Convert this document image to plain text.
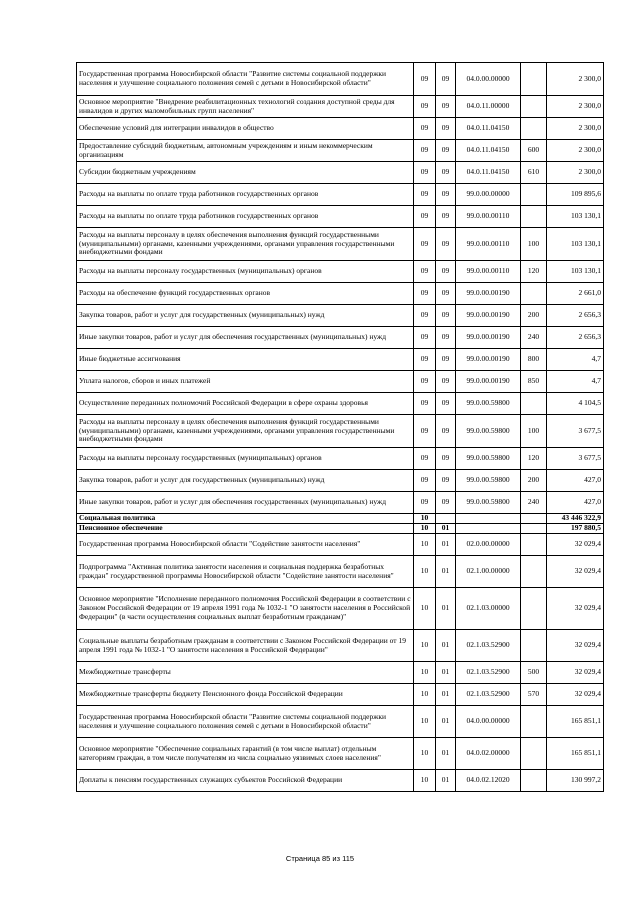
Государственная программа Новосибирской области "Развитие системы социальной поддержки населения и улучшение социального положения семей с детьми в Новосибирской области"	09	09	04.0.00.00000		2 300,0
Основное мероприятие "Внедрение реабилитационных технологий создания доступной среды для инвалидов и других маломобильных групп населения"	09	09	04.0.11.00000		2 300,0
Обеспечение условий для интеграции инвалидов в общество	09	09	04.0.11.04150		2 300,0
Предоставление субсидий бюджетным, автономным учреждениям и иным некоммерческим организациям	09	09	04.0.11.04150	600	2 300,0
Субсидии бюджетным учреждениям	09	09	04.0.11.04150	610	2 300,0
Расходы на выплаты по оплате труда работников государственных органов	09	09	99.0.00.00000		109 895,6
Расходы на выплаты по оплате труда работников государственных органов	09	09	99.0.00.00110		103 130,1
Расходы на выплаты персоналу в целях обеспечения выполнения функций государственными (муниципальными) органами, казенными учреждениями, органами управления государственными внебюджетными фондами	09	09	99.0.00.00110	100	103 130,1
Расходы на выплаты персоналу государственных (муниципальных) органов	09	09	99.0.00.00110	120	103 130,1
Расходы на обеспечение функций государственных органов	09	09	99.0.00.00190		2 661,0
Закупка товаров, работ и услуг для государственных (муниципальных) нужд	09	09	99.0.00.00190	200	2 656,3
Иные закупки товаров, работ и услуг для обеспечения государственных (муниципальных) нужд	09	09	99.0.00.00190	240	2 656,3
Иные бюджетные ассигнования	09	09	99.0.00.00190	800	4,7
Уплата налогов, сборов и иных платежей	09	09	99.0.00.00190	850	4,7
Осуществление переданных полномочий Российской Федерации в сфере охраны здоровья	09	09	99.0.00.59800		4 104,5
Расходы на выплаты персоналу в целях обеспечения выполнения функций государственными (муниципальными) органами, казенными учреждениями, органами управления государственными внебюджетными фондами	09	09	99.0.00.59800	100	3 677,5
Расходы на выплаты персоналу государственных (муниципальных) органов	09	09	99.0.00.59800	120	3 677,5
Закупка товаров, работ и услуг для государственных (муниципальных) нужд	09	09	99.0.00.59800	200	427,0
Иные закупки товаров, работ и услуг для обеспечения государственных (муниципальных) нужд	09	09	99.0.00.59800	240	427,0
Социальная политика	10				43 446 322,9
Пенсионное обеспечение	10	01			197 880,5
Государственная программа Новосибирской области "Содействие занятости населения"	10	01	02.0.00.00000		32 029,4
Подпрограмма "Активная политика занятости населения и социальная поддержка безработных граждан" государственной программы Новосибирской области "Содействие занятости населения"	10	01	02.1.00.00000		32 029,4
Основное мероприятие "Исполнение переданного полномочия Российской Федерации в соответствии с Законом Российской Федерации от 19 апреля 1991 года № 1032-1 "О занятости населения в Российской Федерации" (в части осуществления социальных выплат безработным гражданам)"	10	01	02.1.03.00000		32 029,4
Социальные выплаты безработным гражданам в соответствии с Законом Российской Федерации от 19 апреля 1991 года № 1032-1 "О занятости населения в Российской Федерации"	10	01	02.1.03.52900		32 029,4
Межбюджетные трансферты	10	01	02.1.03.52900	500	32 029,4
Межбюджетные трансферты бюджету Пенсионного фонда Российской Федерации	10	01	02.1.03.52900	570	32 029,4
Государственная программа Новосибирской области "Развитие системы социальной поддержки населения и улучшение социального положения семей с детьми в Новосибирской области"	10	01	04.0.00.00000		165 851,1
Основное мероприятие "Обеспечение социальных гарантий (в том числе выплат) отдельным категориям граждан, в том числе получателям из числа социально уязвимых слоев населения"	10	01	04.0.02.00000		165 851,1
Доплаты к пенсиям государственных служащих субъектов Российской Федерации	10	01	04.0.02.12020		130 997,2
Страница 85 из 115
